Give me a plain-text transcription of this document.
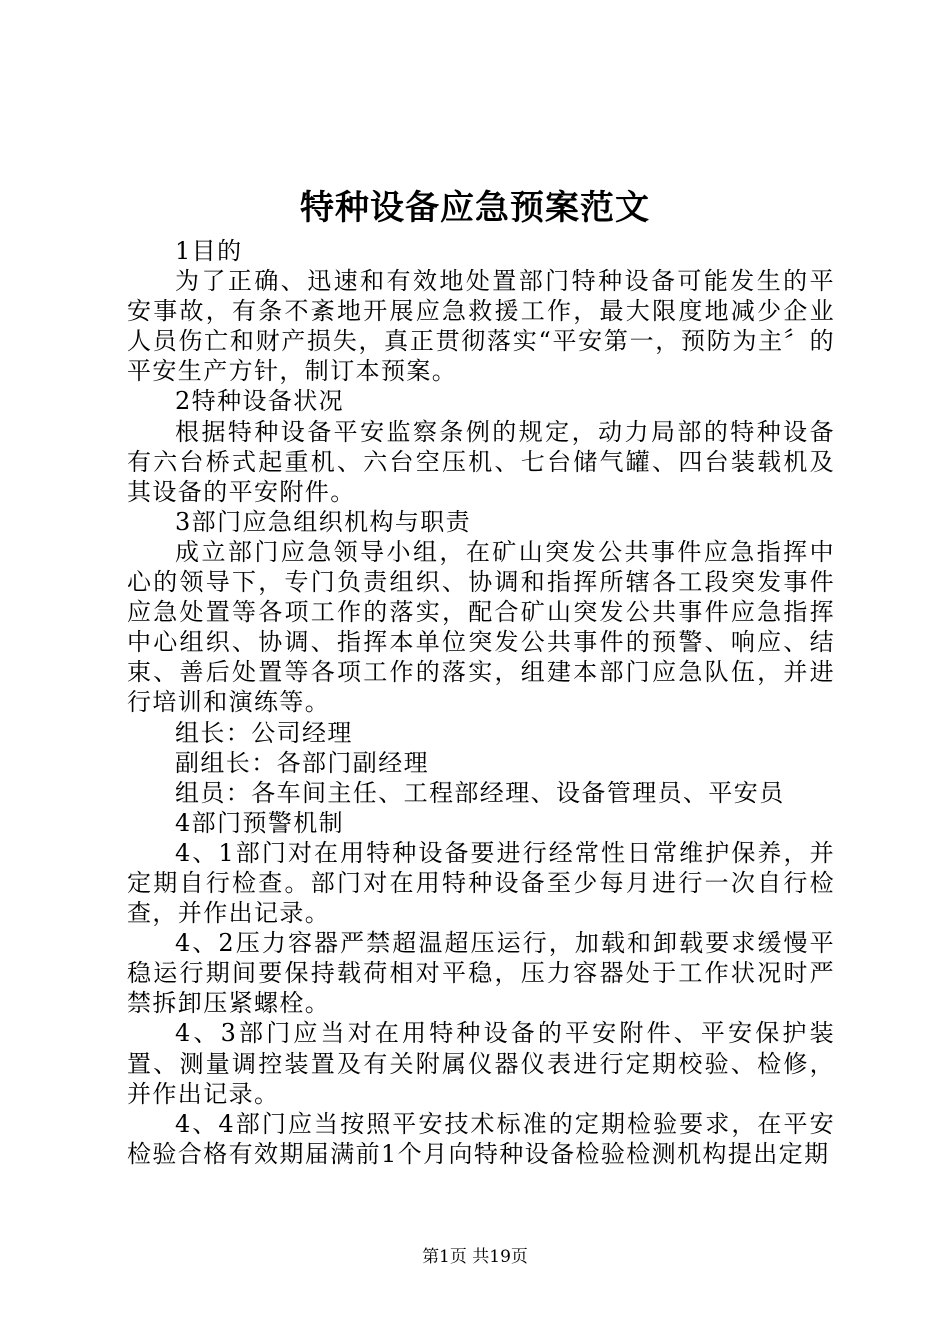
特种设备应急预案范文

1目的

为了正确、迅速和有效地处置部门特种设备可能发生的平安事故，有条不紊地开展应急救援工作，最大限度地减少企业人员伤亡和财产损失，真正贯彻落实“平安第一，预防为主〞的平安生产方针，制订本预案。

2特种设备状况

根据特种设备平安监察条例的规定，动力局部的特种设备有六台桥式起重机、六台空压机、七台储气罐、四台装载机及其设备的平安附件。

3部门应急组织机构与职责

成立部门应急领导小组，在矿山突发公共事件应急指挥中心的领导下，专门负责组织、协调和指挥所辖各工段突发事件应急处置等各项工作的落实，配合矿山突发公共事件应急指挥中心组织、协调、指挥本单位突发公共事件的预警、响应、结束、善后处置等各项工作的落实，组建本部门应急队伍，并进行培训和演练等。

组长：公司经理

副组长：各部门副经理

组员：各车间主任、工程部经理、设备管理员、平安员

4部门预警机制

4、1部门对在用特种设备要进行经常性日常维护保养，并定期自行检查。部门对在用特种设备至少每月进行一次自行检查，并作出记录。

4、2压力容器严禁超温超压运行，加载和卸载要求缓慢平稳运行期间要保持载荷相对平稳，压力容器处于工作状况时严禁拆卸压紧螺栓。

4、3部门应当对在用特种设备的平安附件、平安保护装置、测量调控装置及有关附属仪器仪表进行定期校验、检修，并作出记录。

4、4部门应当按照平安技术标准的定期检验要求，在平安检验合格有效期届满前1个月向特种设备检验检测机构提出定期

第1页 共19页
